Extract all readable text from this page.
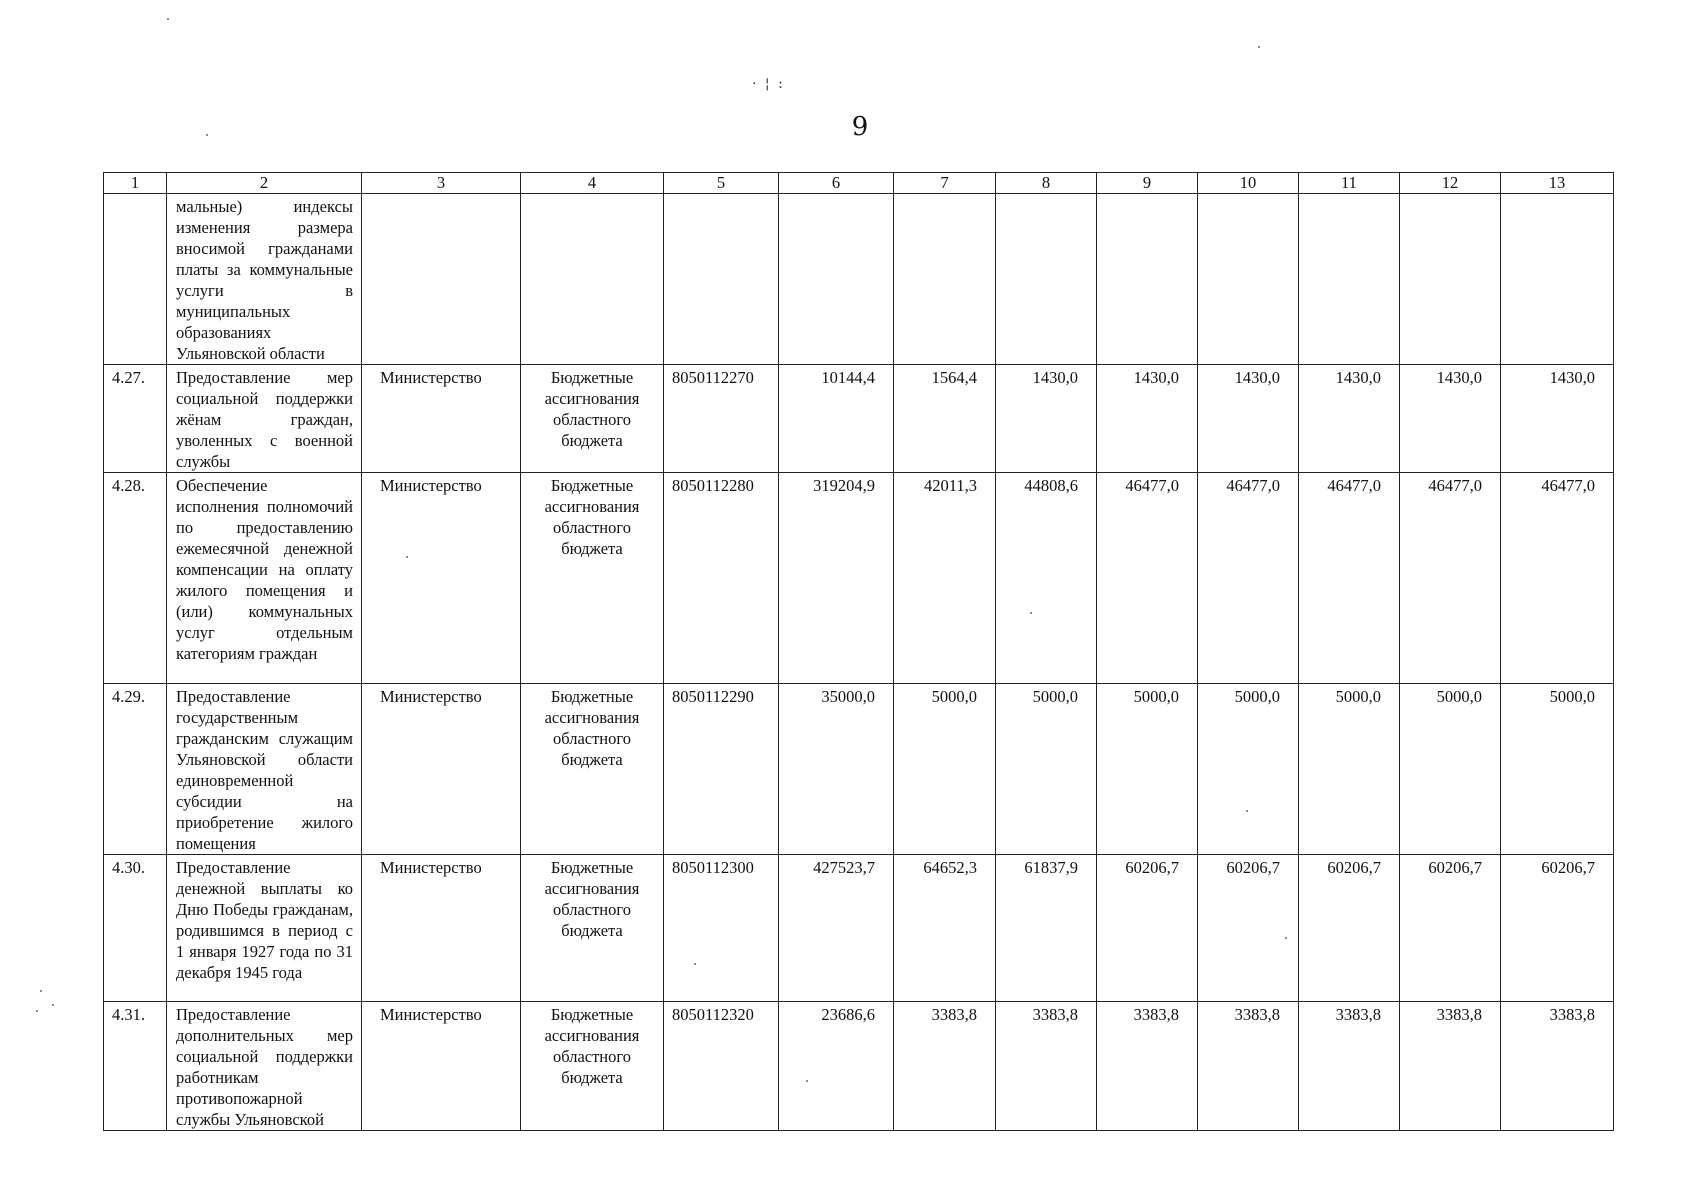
· ¦ :
9
1	2	3	4	5	6	7	8	9	10	11	12	13
	мальные) индексы изменения размера вносимой гражданами платы за коммунальные услуги в муниципальных образованиях Ульяновской области											
4.27.	Предоставление мер социальной поддержки жёнам граждан, уволенных с военной службы	Министерство	Бюджетные ассигнования областного бюджета	8050112270	10144,4	1564,4	1430,0	1430,0	1430,0	1430,0	1430,0	1430,0
4.28.	Обеспечение исполнения полномочий по предоставлению ежемесячной денежной компенсации на оплату жилого помещения и (или) коммунальных услуг отдельным категориям граждан	Министерство	Бюджетные ассигнования областного бюджета	8050112280	319204,9	42011,3	44808,6	46477,0	46477,0	46477,0	46477,0	46477,0
4.29.	Предоставление государственным гражданским служащим Ульяновской области единовременной субсидии на приобретение жилого помещения	Министерство	Бюджетные ассигнования областного бюджета	8050112290	35000,0	5000,0	5000,0	5000,0	5000,0	5000,0	5000,0	5000,0
4.30.	Предоставление денежной выплаты ко Дню Победы гражданам, родившимся в период с 1 января 1927 года по 31 декабря 1945 года	Министерство	Бюджетные ассигнования областного бюджета	8050112300	427523,7	64652,3	61837,9	60206,7	60206,7	60206,7	60206,7	60206,7
4.31.	Предоставление дополнительных мер социальной поддержки работникам противопожарной службы Ульяновской	Министерство	Бюджетные ассигнования областного бюджета	8050112320	23686,6	3383,8	3383,8	3383,8	3383,8	3383,8	3383,8	3383,8
